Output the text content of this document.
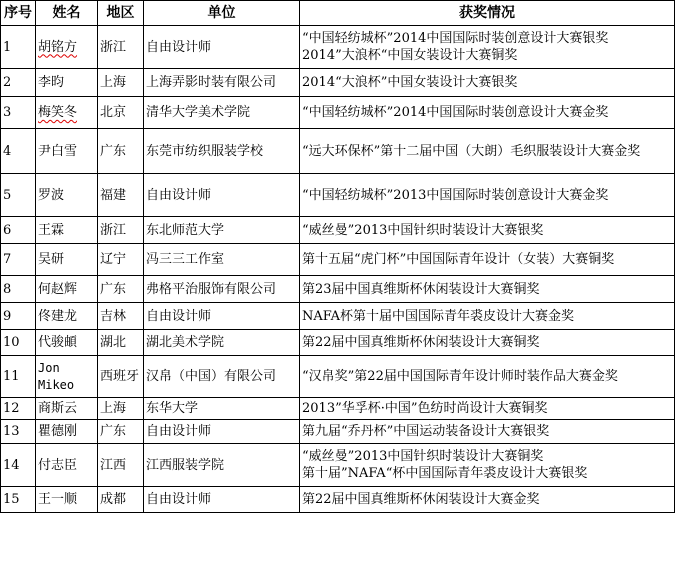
序号	姓名	地区	单位	获奖情况
1	胡铭方	浙江	自由设计师	“中国轻纺城杯”2014中国国际时装创意设计大赛银奖
2014”大浪杯“中国女装设计大赛铜奖

2	李昀	上海	上海弄影时装有限公司	2014“大浪杯”中国女装设计大赛银奖

3	梅笑冬	北京	清华大学美术学院	“中国轻纺城杯”2014中国国际时装创意设计大赛金奖

4	尹白雪	广东	东莞市纺织服装学校	“远大环保杯”第十二届中国（大朗）毛织服装设计大赛金奖

5	罗波	福建	自由设计师	“中国轻纺城杯”2013中国国际时装创意设计大赛金奖

6	王霖	浙江	东北师范大学	“威丝曼”2013中国针织时装设计大赛银奖

7	吴研	辽宁	冯三三工作室	第十五届“虎门杯”中国国际青年设计（女装）大赛铜奖

8	何赵辉	广东	弗格平治服饰有限公司	第23届中国真维斯杯休闲装设计大赛铜奖

9	佟建龙	吉林	自由设计师	NAFA杯第十届中国国际青年裘皮设计大赛金奖

10	代骏頔	湖北	湖北美术学院	第22届中国真维斯杯休闲装设计大赛铜奖

11	Jon Mikeo	西班牙	汉帛（中国）有限公司	“汉帛奖”第22届中国国际青年设计师时装作品大赛金奖

12	商斯云	上海	东华大学	2013”华孚杯·中国”色纺时尚设计大赛铜奖

13	瞿德刚	广东	自由设计师	第九届“乔丹杯”中国运动装备设计大赛银奖

14	付志臣	江西	江西服装学院	“威丝曼”2013中国针织时装设计大赛铜奖
第十届”NAFA“杯中国国际青年裘皮设计大赛银奖

15	王一顺	成都	自由设计师	第22届中国真维斯杯休闲装设计大赛金奖
